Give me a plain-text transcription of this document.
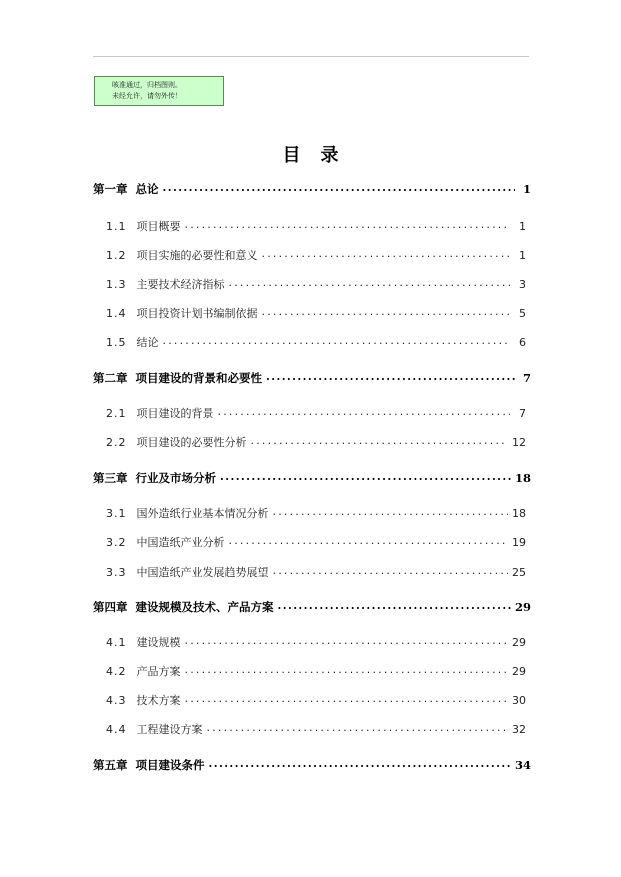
咳准通过，归档图则。
未经允许，请勿外传！
目录
第一章 总论 .....	1
1.1 项目概要 .....	1
1.2 项目实施的必要性和意义 .....	1
1.3 主要技术经济指标 .....	3
1.4 项目投资计划书编制依据 .....	5
1.5 结论 .....	6
第二章 项目建设的背景和必要性 .....	7
2.1 项目建设的背景 .....	7
2.2 项目建设的必要性分析 .....	12
第三章 行业及市场分析 .....	18
3.1 国外造纸行业基本情况分析 .....	18
3.2 中国造纸产业分析 .....	19
3.3 中国造纸产业发展趋势展望 .....	25
第四章 建设规模及技术、产品方案 .....	29
4.1 建设规模 .....	29
4.2 产品方案 .....	29
4.3 技术方案 .....	30
4.4 工程建设方案 .....	32
第五章 项目建设条件 .....	34
